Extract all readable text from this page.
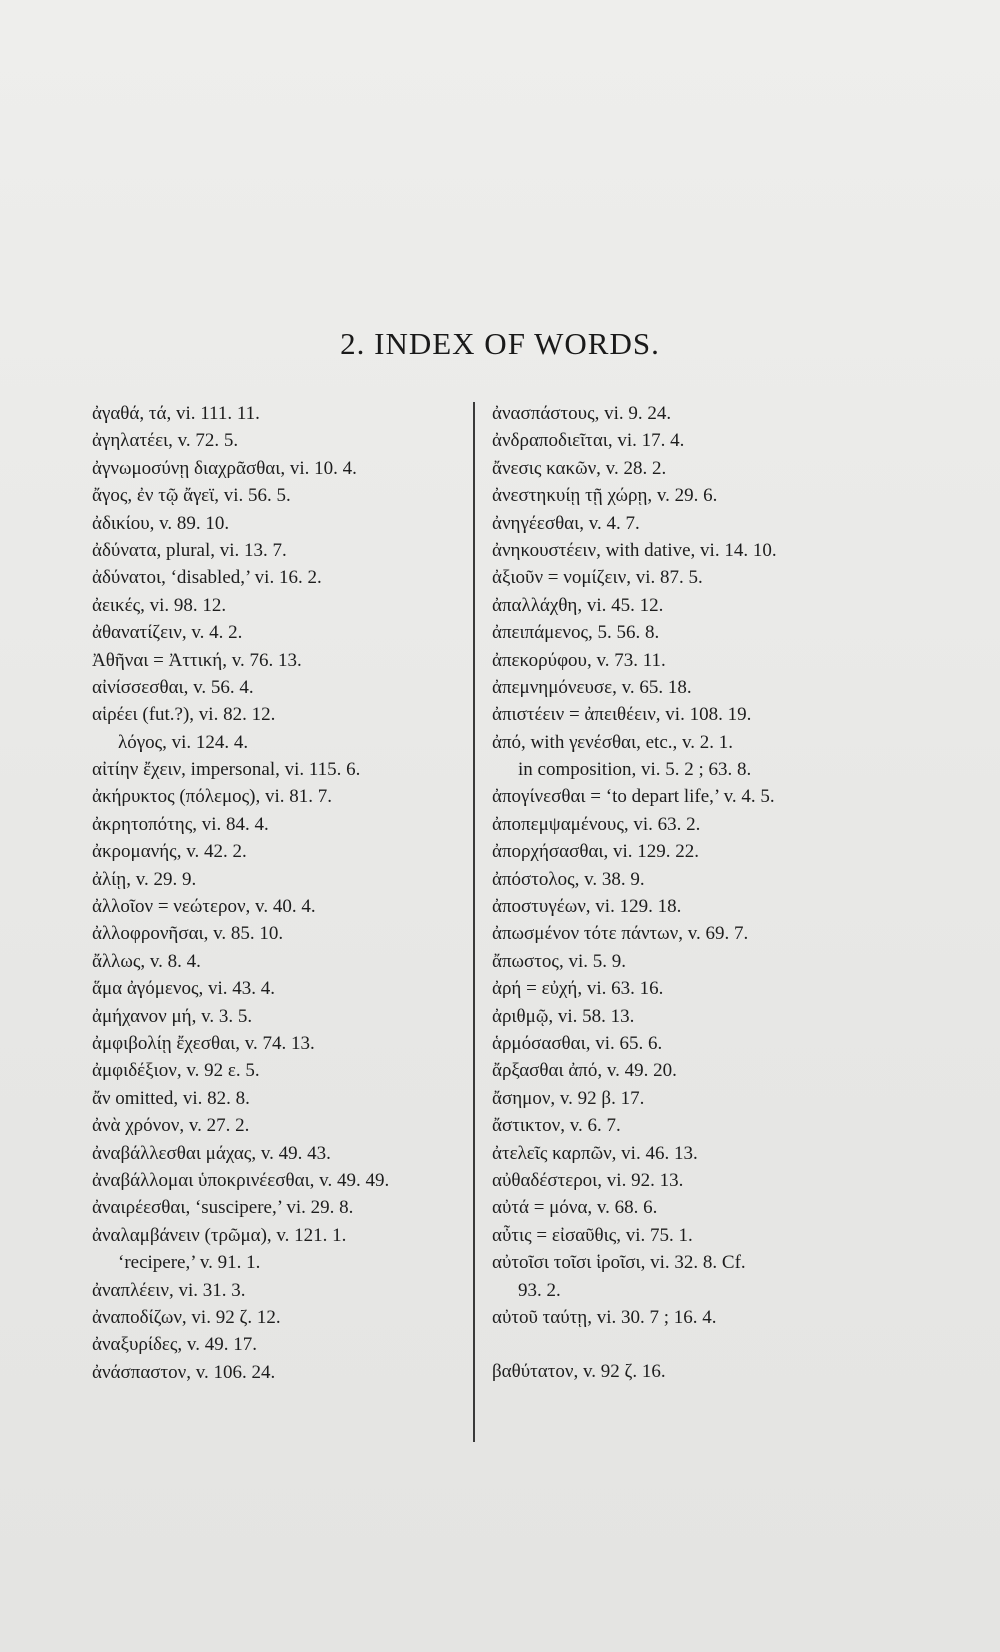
2. INDEX OF WORDS.
ἀγαθά, τά, vi. 111. 11.
ἀγηλατέει, v. 72. 5.
ἀγνωμοσύνῃ διαχρᾶσθαι, vi. 10. 4.
ἄγος, ἐν τῷ ἄγεϊ, vi. 56. 5.
ἀδικίου, v. 89. 10.
ἀδύνατα, plural, vi. 13. 7.
ἀδύνατοι, ‘disabled,’ vi. 16. 2.
ἀεικές, vi. 98. 12.
ἀθανατίζειν, v. 4. 2.
Ἀθῆναι = Ἀττική, v. 76. 13.
αἰνίσσεσθαι, v. 56. 4.
αἱρέει (fut.?), vi. 82. 12.
λόγος, vi. 124. 4.
αἰτίην ἔχειν, impersonal, vi. 115. 6.
ἀκήρυκτος (πόλεμος), vi. 81. 7.
ἀκρητοπότης, vi. 84. 4.
ἀκρομανής, v. 42. 2.
ἀλίῃ, v. 29. 9.
ἀλλοῖον = νεώτερον, v. 40. 4.
ἀλλοφρονῆσαι, v. 85. 10.
ἄλλως, v. 8. 4.
ἅμα ἀγόμενος, vi. 43. 4.
ἀμήχανον μή, v. 3. 5.
ἀμφιβολίῃ ἔχεσθαι, v. 74. 13.
ἀμφιδέξιον, v. 92 ε. 5.
ἄν omitted, vi. 82. 8.
ἀνὰ χρόνον, v. 27. 2.
ἀναβάλλεσθαι μάχας, v. 49. 43.
ἀναβάλλομαι ὑποκρινέεσθαι, v. 49. 49.
ἀναιρέεσθαι, ‘suscipere,’ vi. 29. 8.
ἀναλαμβάνειν (τρῶμα), v. 121. 1.
‘recipere,’ v. 91. 1.
ἀναπλέειν, vi. 31. 3.
ἀναποδίζων, vi. 92 ζ. 12.
ἀναξυρίδες, v. 49. 17.
ἀνάσπαστον, v. 106. 24.
ἀνασπάστους, vi. 9. 24.
ἀνδραποδιεῖται, vi. 17. 4.
ἄνεσις κακῶν, v. 28. 2.
ἀνεστηκυίῃ τῇ χώρῃ, v. 29. 6.
ἀνηγέεσθαι, v. 4. 7.
ἀνηκουστέειν, with dative, vi. 14. 10.
ἀξιοῦν = νομίζειν, vi. 87. 5.
ἀπαλλάχθη, vi. 45. 12.
ἀπειπάμενος, 5. 56. 8.
ἀπεκορύφου, v. 73. 11.
ἀπεμνημόνευσε, v. 65. 18.
ἀπιστέειν = ἀπειθέειν, vi. 108. 19.
ἀπό, with γενέσθαι, etc., v. 2. 1.
in composition, vi. 5. 2 ; 63. 8.
ἀπογίνεσθαι = ‘to depart life,’ v. 4. 5.
ἀποπεμψαμένους, vi. 63. 2.
ἀπορχήσασθαι, vi. 129. 22.
ἀπόστολος, v. 38. 9.
ἀποστυγέων, vi. 129. 18.
ἀπωσμένον τότε πάντων, v. 69. 7.
ἄπωστος, vi. 5. 9.
ἀρή = εὐχή, vi. 63. 16.
ἀριθμῷ, vi. 58. 13.
ἁρμόσασθαι, vi. 65. 6.
ἄρξασθαι ἀπό, v. 49. 20.
ἄσημον, v. 92 β. 17.
ἄστικτον, v. 6. 7.
ἀτελεῖς καρπῶν, vi. 46. 13.
αὐθαδέστεροι, vi. 92. 13.
αὐτά = μόνα, v. 68. 6.
αὖτις = εἰσαῦθις, vi. 75. 1.
αὐτοῖσι τοῖσι ἱροῖσι, vi. 32. 8. Cf.
93. 2.
αὐτοῦ ταύτῃ, vi. 30. 7 ; 16. 4.
βαθύτατον, v. 92 ζ. 16.
